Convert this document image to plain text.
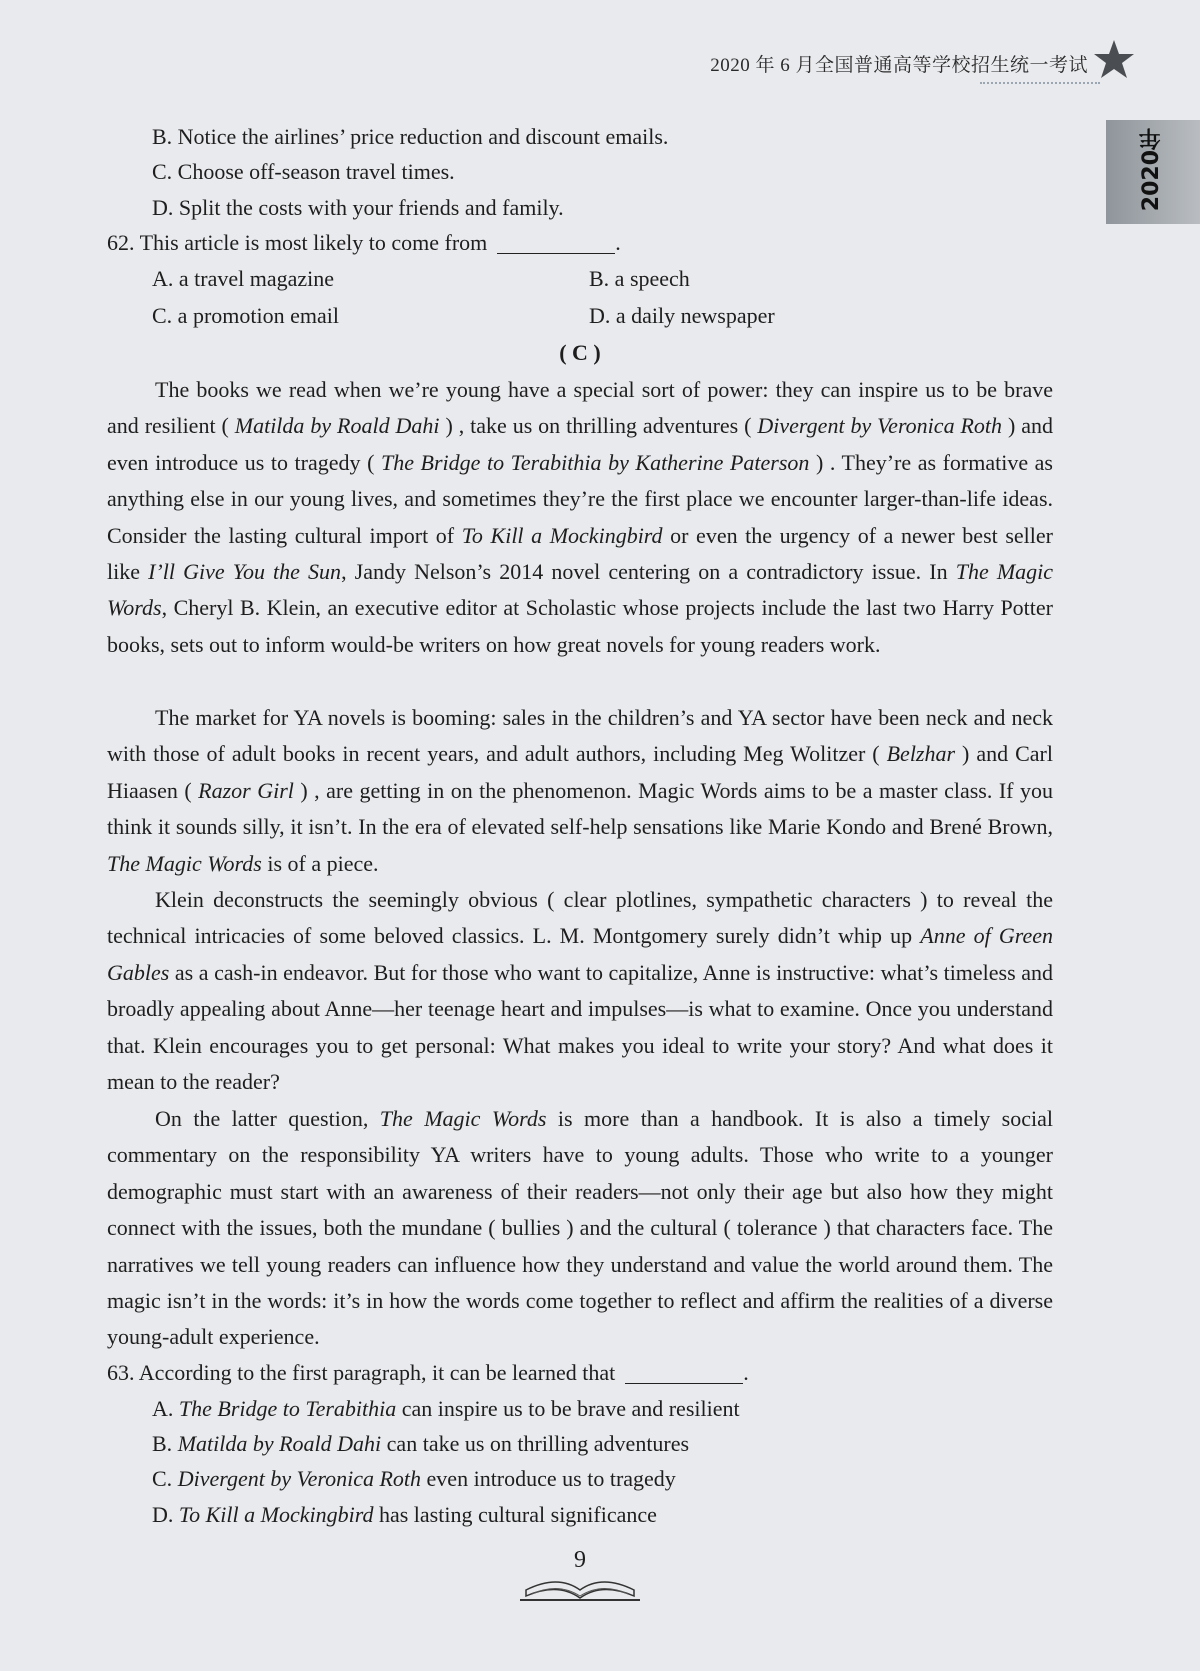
2020 年 6 月全国普通高等学校招生统一考试
2020年
B. Notice the airlines’ price reduction and discount emails.
C. Choose off-season travel times.
D. Split the costs with your friends and family.
62. This article is most likely to come from	.
A. a travel magazine	B. a speech
C. a promotion email	D. a daily newspaper
( C )

The books we read when we’re young have a special sort of power: they can inspire us to be brave and resilient ( Matilda by Roald Dahi ) , take us on thrilling adventures ( Divergent by Veronica Roth ) and even introduce us to tragedy ( The Bridge to Terabithia by Katherine Paterson ) . They’re as formative as anything else in our young lives, and sometimes they’re the first place we encounter larger-than-life ideas. Consider the lasting cultural import of To Kill a Mockingbird or even the urgency of a newer best seller like I’ll Give You the Sun, Jandy Nelson’s 2014 novel centering on a contradictory issue. In The Magic Words, Cheryl B. Klein, an executive editor at Scholastic whose projects include the last two Harry Potter books, sets out to inform would-be writers on how great novels for young readers work.

The market for YA novels is booming: sales in the children’s and YA sector have been neck and neck with those of adult books in recent years, and adult authors, including Meg Wolitzer ( Belzhar ) and Carl Hiaasen ( Razor Girl ) , are getting in on the phenomenon. Magic Words aims to be a master class. If you think it sounds silly, it isn’t. In the era of elevated self-help sensations like Marie Kondo and Brené Brown, The Magic Words is of a piece.

Klein deconstructs the seemingly obvious ( clear plotlines, sympathetic characters ) to reveal the technical intricacies of some beloved classics. L. M. Montgomery surely didn’t whip up Anne of Green Gables as a cash-in endeavor. But for those who want to capitalize, Anne is instructive: what’s timeless and broadly appealing about Anne—her teenage heart and impulses—is what to examine. Once you understand that. Klein encourages you to get personal: What makes you ideal to write your story? And what does it mean to the reader?

On the latter question, The Magic Words is more than a handbook. It is also a timely social commentary on the responsibility YA writers have to young adults. Those who write to a younger demographic must start with an awareness of their readers—not only their age but also how they might connect with the issues, both the mundane ( bullies ) and the cultural ( tolerance ) that characters face. The narratives we tell young readers can influence how they understand and value the world around them. The magic isn’t in the words: it’s in how the words come together to reflect and affirm the realities of a diverse young-adult experience.

63. According to the first paragraph, it can be learned that	.
A. The Bridge to Terabithia can inspire us to be brave and resilient
B. Matilda by Roald Dahi can take us on thrilling adventures
C. Divergent by Veronica Roth even introduce us to tragedy
D. To Kill a Mockingbird has lasting cultural significance
9
